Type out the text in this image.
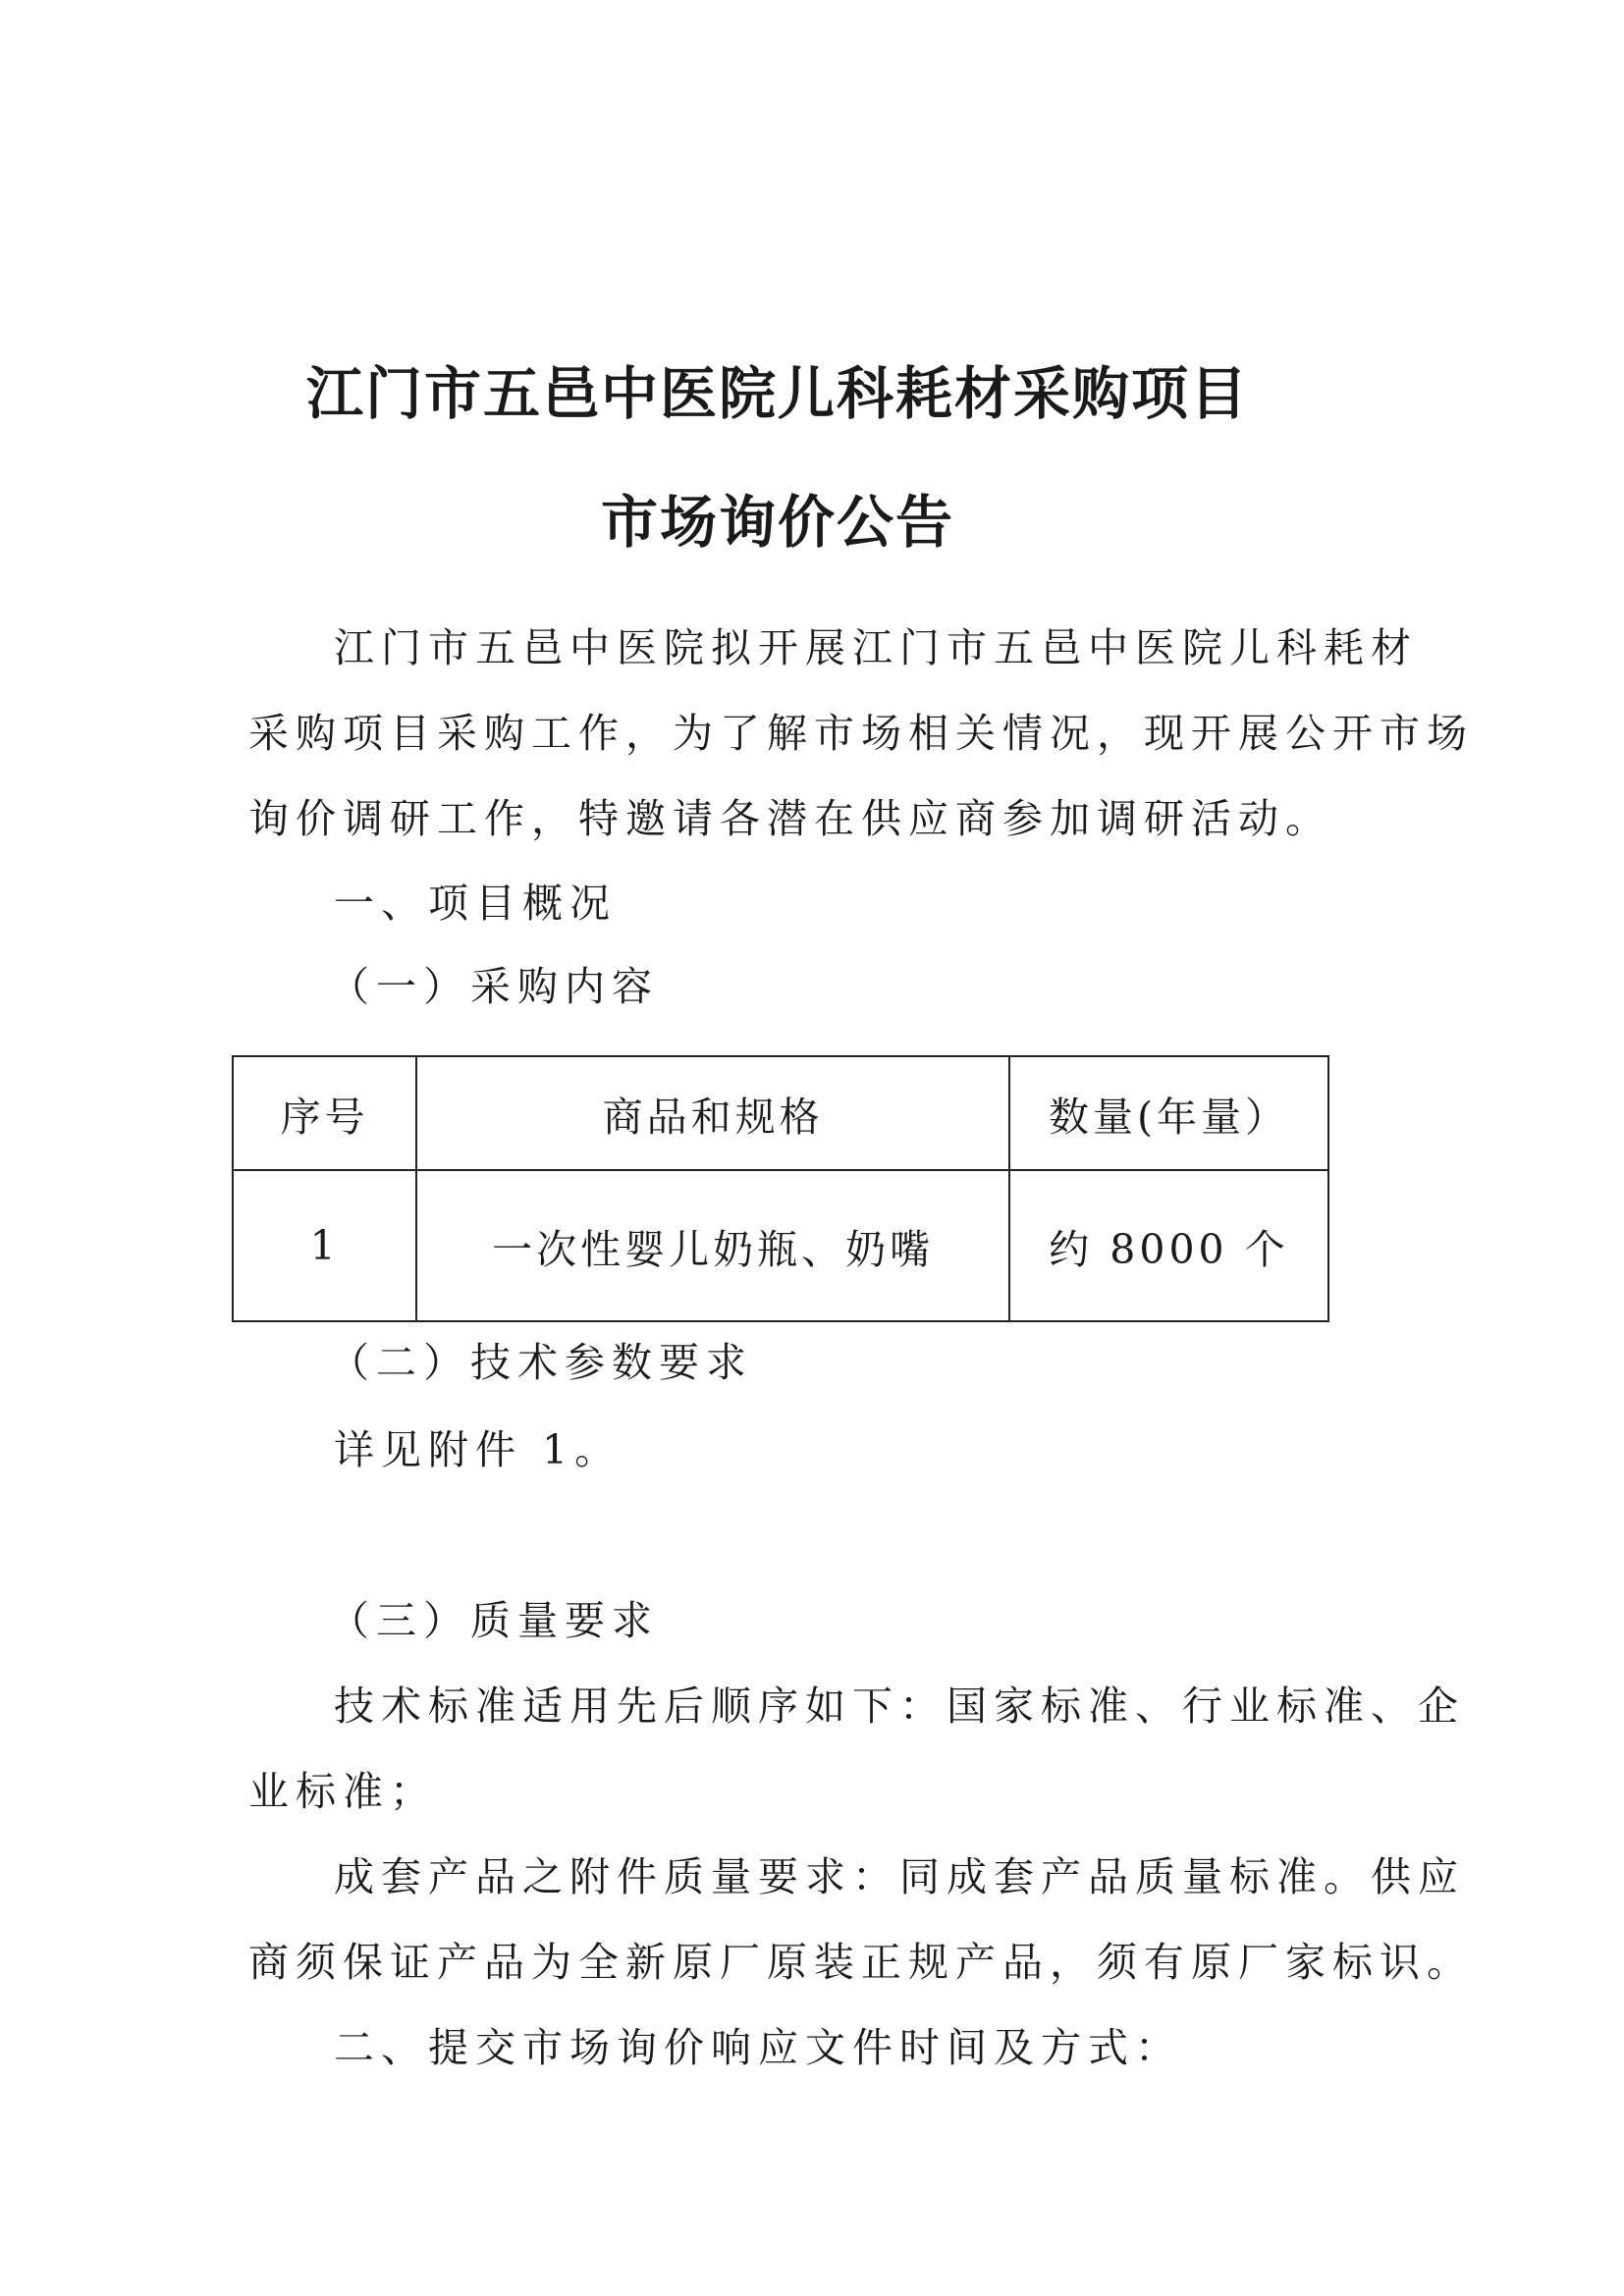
江门市五邑中医院儿科耗材采购项目
市场询价公告

江门市五邑中医院拟开展江门市五邑中医院儿科耗材

采购项目采购工作，为了解市场相关情况，现开展公开市场

询价调研工作，特邀请各潜在供应商参加调研活动。

一、项目概况

（一）采购内容

序号	商品和规格	数量(年量）
1	一次性婴儿奶瓶、奶嘴	约 8000 个

（二）技术参数要求

详见附件 1。

（三）质量要求

技术标准适用先后顺序如下：国家标准、行业标准、企

业标准；

成套产品之附件质量要求：同成套产品质量标准。供应

商须保证产品为全新原厂原装正规产品，须有原厂家标识。

二、提交市场询价响应文件时间及方式：
